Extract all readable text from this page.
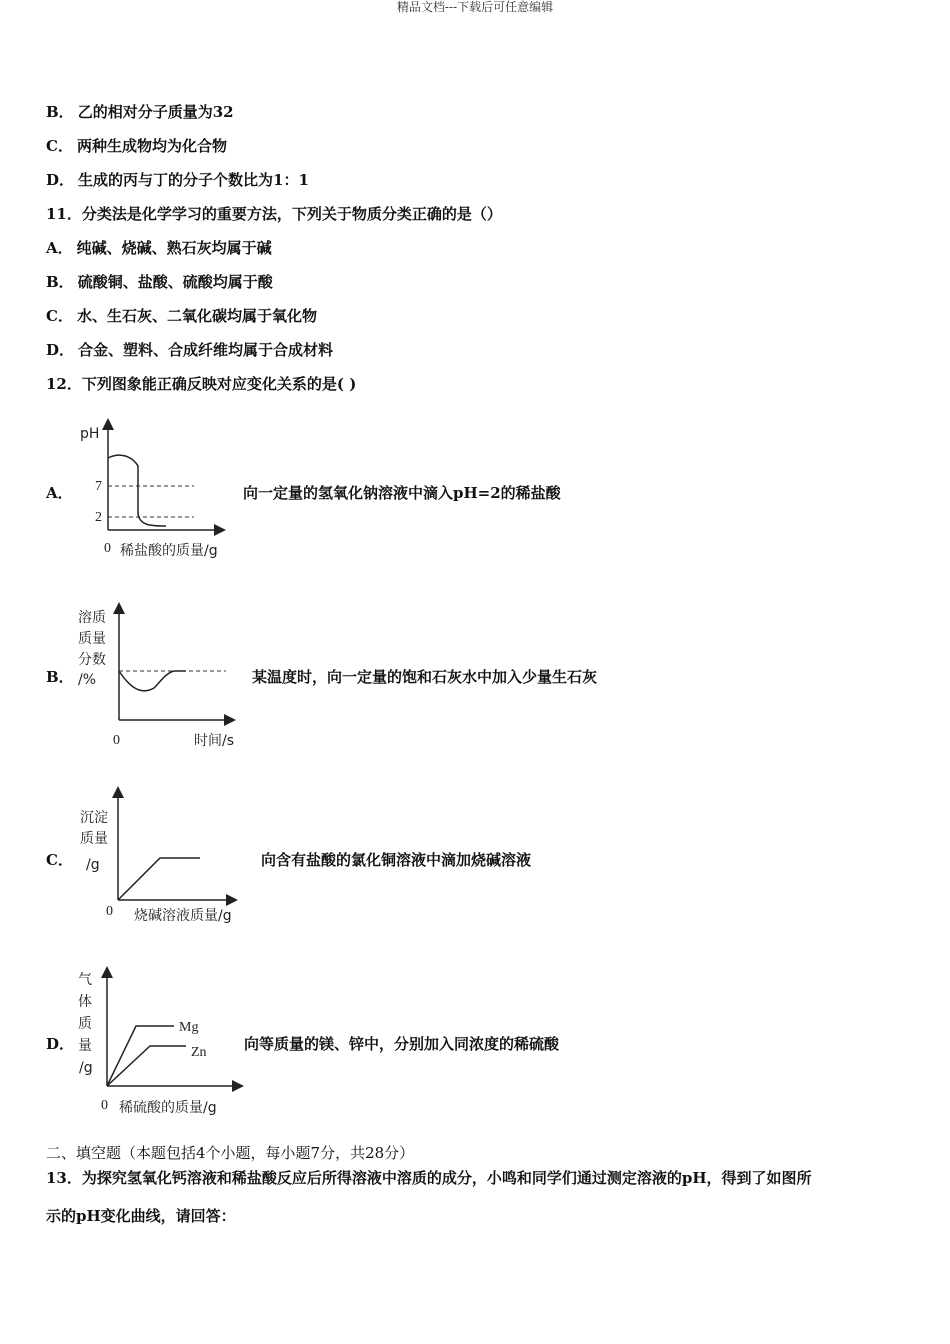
精品文档---下载后可任意编辑
B． 乙的相对分子质量为32
C． 两种生成物均为化合物
D． 生成的丙与丁的分子个数比为1：1
11．分类法是化学学习的重要方法，下列关于物质分类正确的是（）
A． 纯碱、烧碱、熟石灰均属于碱
B． 硫酸铜、盐酸、硫酸均属于酸
C． 水、生石灰、二氧化碳均属于氧化物
D． 合金、塑料、合成纤维均属于合成材料
12．下列图象能正确反映对应变化关系的是( )
A．
pH
7
2
0 稀盐酸的质量/g
向一定量的氢氧化钠溶液中滴入pH=2的稀盐酸
B．
溶质
质量
分数
/%
0	时间/s
某温度时，向一定量的饱和石灰水中加入少量生石灰
C．
沉淀
质量
/g
0 烧碱溶液质量/g
向含有盐酸的氯化铜溶液中滴加烧碱溶液
D．
气
体
质
量
/g
Mg
Zn
0 稀硫酸的质量/g
向等质量的镁、锌中，分别加入同浓度的稀硫酸
二、填空题（本题包括4个小题，每小题7分，共28分）
13．为探究氢氧化钙溶液和稀盐酸反应后所得溶液中溶质的成分，小鸣和同学们通过测定溶液的pH，得到了如图所
示的pH变化曲线，请回答：
